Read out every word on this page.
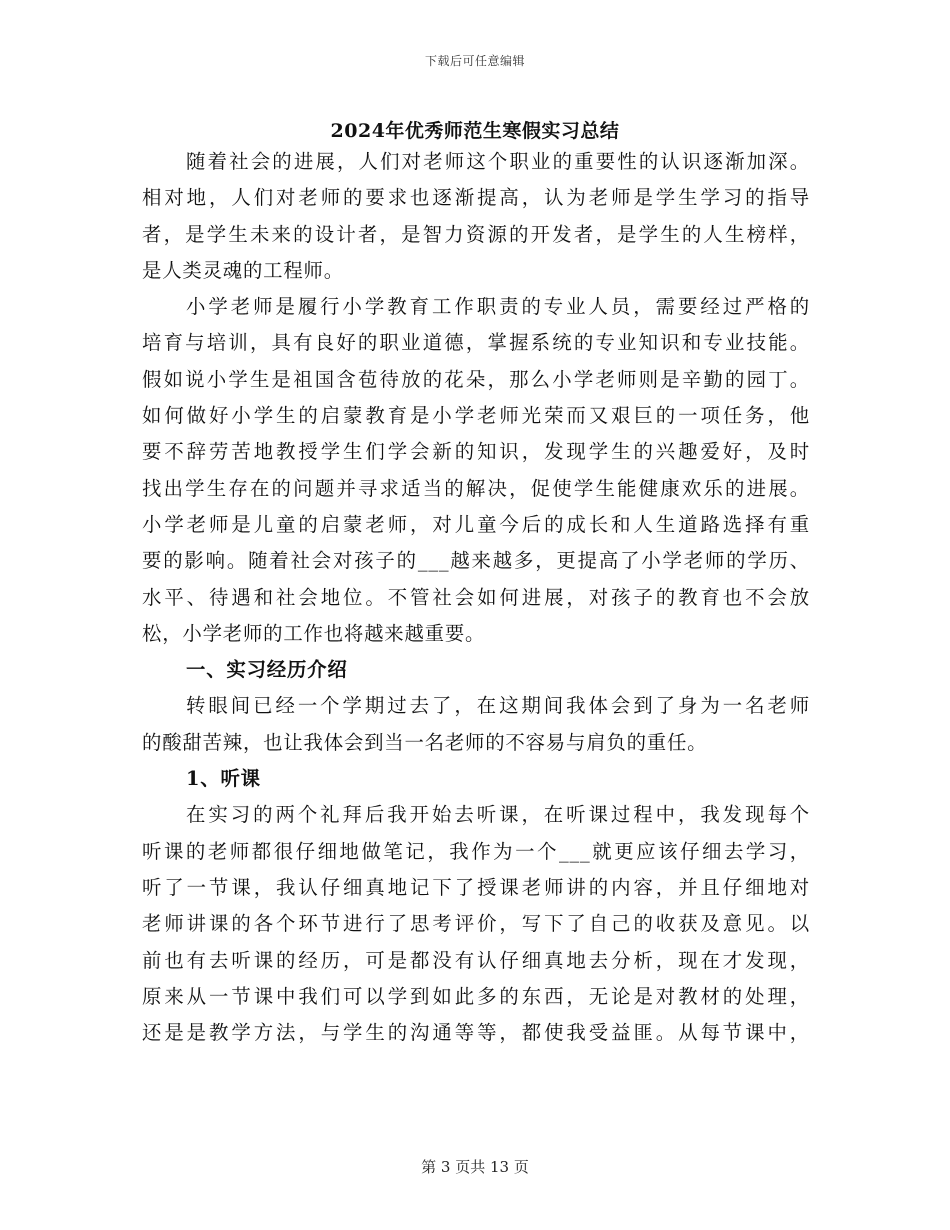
下载后可任意编辑
2024年优秀师范生寒假实习总结

随着社会的进展，人们对老师这个职业的重要性的认识逐渐加深。
相对地，人们对老师的要求也逐渐提高，认为老师是学生学习的指导
者，是学生未来的设计者，是智力资源的开发者，是学生的人生榜样，
是人类灵魂的工程师。

小学老师是履行小学教育工作职责的专业人员，需要经过严格的
培育与培训，具有良好的职业道德，掌握系统的专业知识和专业技能。
假如说小学生是祖国含苞待放的花朵，那么小学老师则是辛勤的园丁。
如何做好小学生的启蒙教育是小学老师光荣而又艰巨的一项任务，他
要不辞劳苦地教授学生们学会新的知识，发现学生的兴趣爱好，及时
找出学生存在的问题并寻求适当的解决，促使学生能健康欢乐的进展。
小学老师是儿童的启蒙老师，对儿童今后的成长和人生道路选择有重
要的影响。随着社会对孩子的___越来越多，更提高了小学老师的学历、
水平、待遇和社会地位。不管社会如何进展，对孩子的教育也不会放
松，小学老师的工作也将越来越重要。

一、实习经历介绍

转眼间已经一个学期过去了，在这期间我体会到了身为一名老师
的酸甜苦辣，也让我体会到当一名老师的不容易与肩负的重任。

1、听课

在实习的两个礼拜后我开始去听课，在听课过程中，我发现每个
听课的老师都很仔细地做笔记，我作为一个___就更应该仔细去学习，
听了一节课，我认仔细真地记下了授课老师讲的内容，并且仔细地对
老师讲课的各个环节进行了思考评价，写下了自己的收获及意见。以
前也有去听课的经历，可是都没有认仔细真地去分析，现在才发现，
原来从一节课中我们可以学到如此多的东西，无论是对教材的处理，
还是是教学方法，与学生的沟通等等，都使我受益匪。从每节课中，

第 3 页共 13 页
